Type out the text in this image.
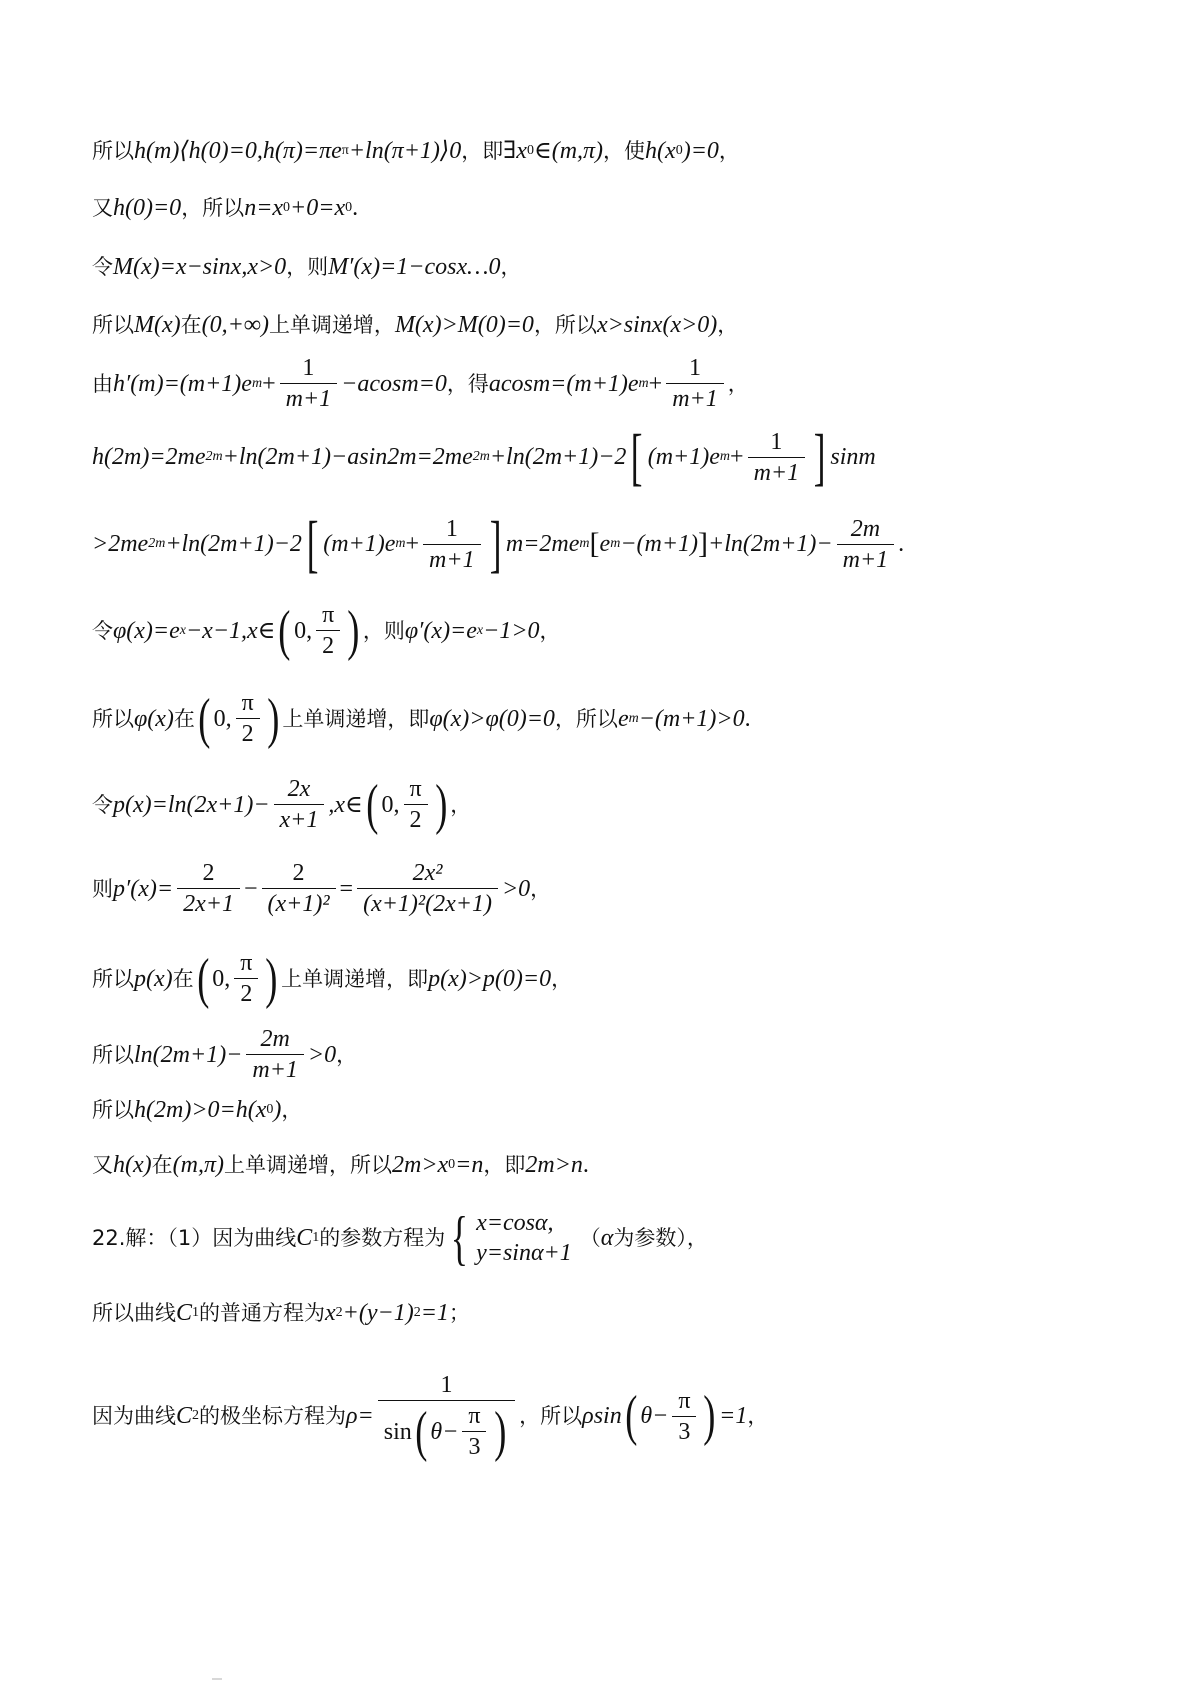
所以 h(m)⟨h(0)=0,h(π)=πe π +ln(π+1)⟩0 ，即 ∃x 0 ∈(m,π) ，使 h(x 0 )=0 ，
又 h(0)=0 ，所以 n=x 0 +0=x 0 .
令 M(x)=x−sinx,x>0 ，则 M′(x)=1−cosx…0 ，
所以 M(x) 在 (0,+∞) 上单调递增， M(x)>M(0)=0 ，所以 x>sinx(x>0) ，
由 h′(m)=(m+1)e $m + \frac{1}{m+1} -acosm=0$ ，得 acosm=(m+1)e $m + \frac{1}{m+1}$ ，
h(2m)=2me 2m +ln(2m+1)−asin2m=2me 2m +ln(2m+1)−2 [ (m+1)e $m + \frac{1}{m+1}$ ] sinm
>2me 2m +ln(2m+1)−2 [ (m+1)e $m + \frac{1}{m+1}$ ] m=2me m [ e m −(m+1) ] $+\ln(2m+1)- \frac{2m}{m+1}$ .
令 φ(x)=e x −x−1,x∈ ( 0, $\frac{\pi}{2}$ ) ，则 φ′(x)=e x −1>0 ，
所以 φ(x) 在 ( 0, $\frac{\pi}{2}$ ) 上单调递增，即 φ(x)>φ(0)=0 ，所以 e m −(m+1)>0 .
令 $p(x)=\ln(2x+1)- \frac{2x}{x+1}$ ,x∈ ( 0, $\frac{\pi}{2}$ ) ，
则 $p'(x)= \frac{2}{2x+1} - \frac{2}{\text{(x+1)²}} = \frac{\text{2x²}}{\text{(x+1)²(2x+1)}} >0$ ，
所以 p(x) 在 ( 0, $\frac{\pi}{2}$ ) 上单调递增，即 p(x)>p(0)=0 ，
所以 $\ln(2m+1)- \frac{2m}{m+1} >0$ ，
所以 h(2m)>0=h(x 0 ) ，
又 h(x) 在 (m,π) 上单调递增，所以 2m>x 0 =n ，即 2m>n .
22.解：（1）因为曲线 C 1 的参数方程为 { x=cosα,
y=sinα+1
（ α 为参数），
所以曲线 C 1 的普通方程为 x 2 +(y−1) 2 =1 ；
因为曲线 C 2 的极坐标方程为 ρ=
1
sin ( $\theta- \frac{\pi}{3}$ ) ，所以 ρsin ( $\theta- \frac{\pi}{3}$ ) =1 ，
